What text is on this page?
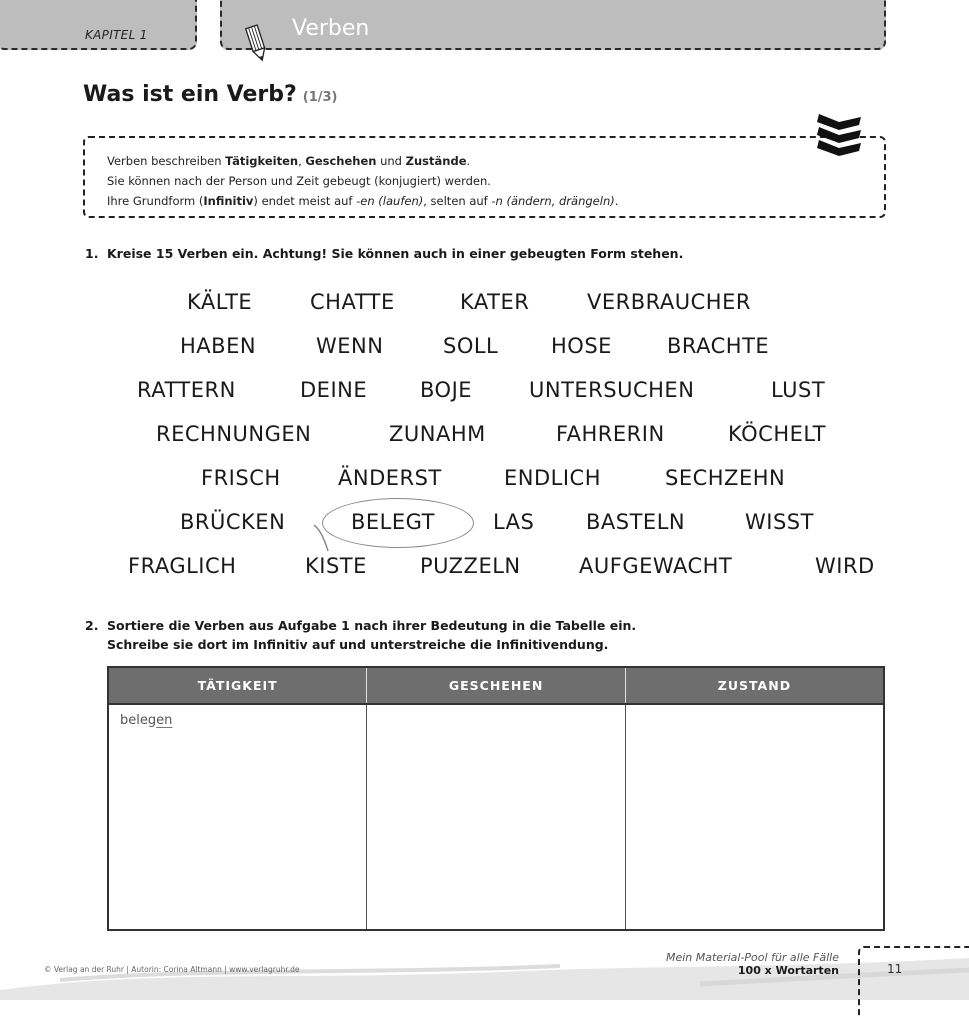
KAPITEL 1	Verben
Was ist ein Verb? (1/3)
Verben beschreiben Tätigkeiten, Geschehen und Zustände.
Sie können nach der Person und Zeit gebeugt (konjugiert) werden.
Ihre Grundform (Infinitiv) endet meist auf -en (laufen), selten auf -n (ändern, drängeln).
1. Kreise 15 Verben ein. Achtung! Sie können auch in einer gebeugten Form stehen.
KÄLTE	CHATTE	KATER	VERBRAUCHER
HABEN	WENN	SOLL	HOSE	BRACHTE
RATTERN	DEINE	BOJE	UNTERSUCHEN	LUST
RECHNUNGEN	ZUNAHM	FAHRERIN	KÖCHELT
FRISCH	ÄNDERST	ENDLICH	SECHZEHN
BRÜCKEN	BELEGT	LAS BASTELN	WISST
FRAGLICH	KISTE	PUZZELN	AUFGEWACHT	WIRD
2. Sortiere die Verben aus Aufgabe 1 nach ihrer Bedeutung in die Tabelle ein.
Schreibe sie dort im Infinitiv auf und unterstreiche die Infinitivendung.
TÄTIGKEIT	GESCHEHEN	ZUSTAND
belegen		
© Verlag an der Ruhr | Autorin: Corina Altmann | www.verlagruhr.de
Mein Material-Pool für alle Fälle
100 x Wortarten	11
